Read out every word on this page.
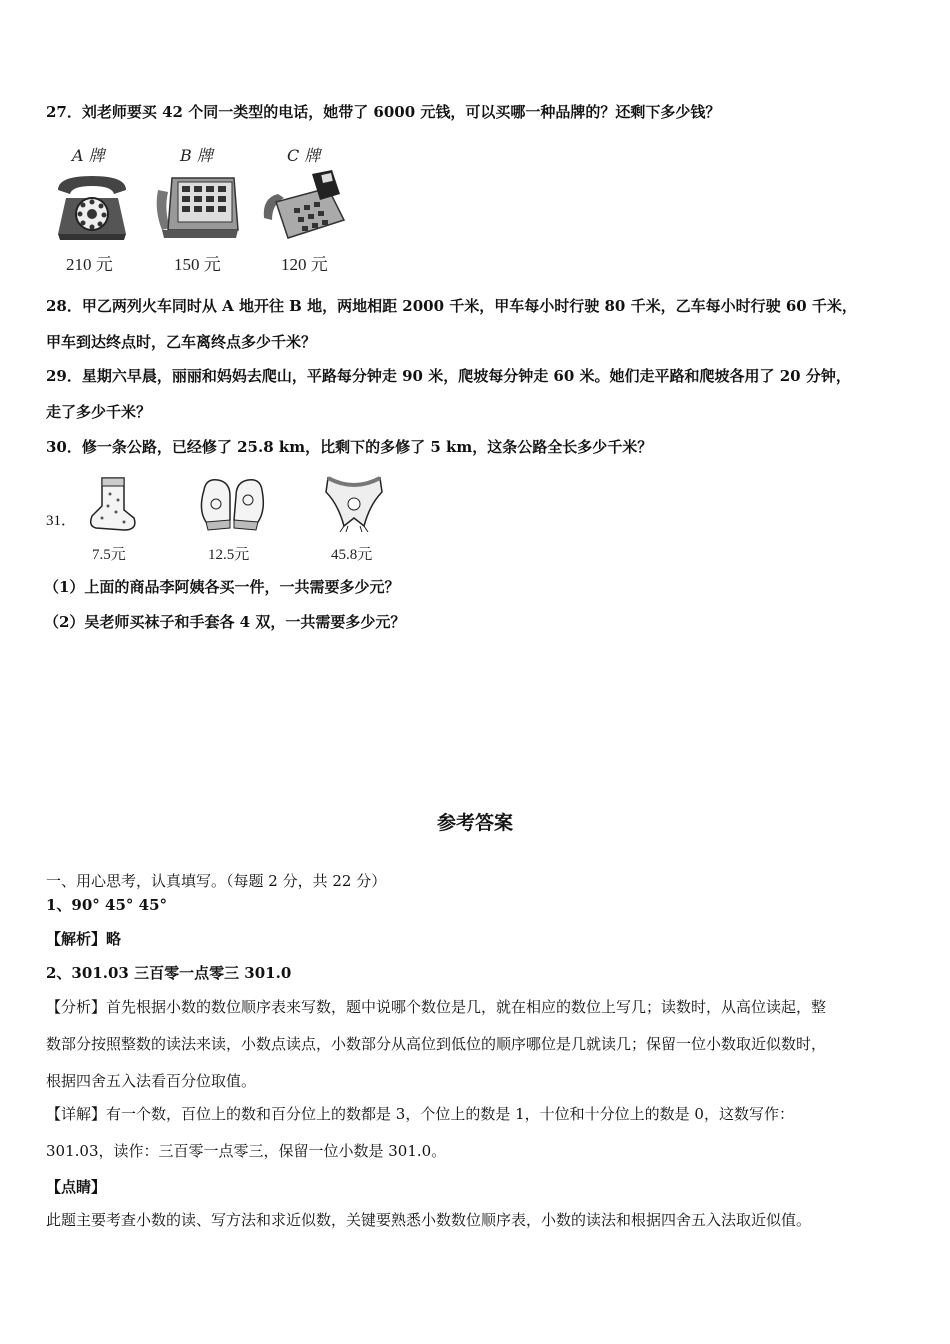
27．刘老师要买 42 个同一类型的电话，她带了 6000 元钱，可以买哪一种品牌的？还剩下多少钱？
A 牌	B 牌	C 牌
210 元	150 元	120 元
28．甲乙两列火车同时从 A 地开往 B 地，两地相距 2000 千米，甲车每小时行驶 80 千米，乙车每小时行驶 60 千米，
甲车到达终点时，乙车离终点多少千米？
29．星期六早晨，丽丽和妈妈去爬山，平路每分钟走 90 米，爬坡每分钟走 60 米。她们走平路和爬坡各用了 20 分钟，
走了多少千米？
30．修一条公路，已经修了 25.8 km，比剩下的多修了 5 km，这条公路全长多少千米？
31．
7.5元	12.5元	45.8元
（1）上面的商品李阿姨各买一件，一共需要多少元？
（2）吴老师买袜子和手套各 4 双，一共需要多少元？
参考答案
一、用心思考，认真填写。（每题 2 分，共 22 分）
1、90° 45° 45°
【解析】略
2、301.03 三百零一点零三 301.0
【分析】首先根据小数的数位顺序表来写数，题中说哪个数位是几，就在相应的数位上写几；读数时，从高位读起，整
数部分按照整数的读法来读，小数点读点，小数部分从高位到低位的顺序哪位是几就读几；保留一位小数取近似数时，
根据四舍五入法看百分位取值。
【详解】有一个数，百位上的数和百分位上的数都是 3，个位上的数是 1，十位和十分位上的数是 0，这数写作：
301.03，读作：三百零一点零三，保留一位小数是 301.0。
【点睛】
此题主要考查小数的读、写方法和求近似数，关键要熟悉小数数位顺序表，小数的读法和根据四舍五入法取近似值。
